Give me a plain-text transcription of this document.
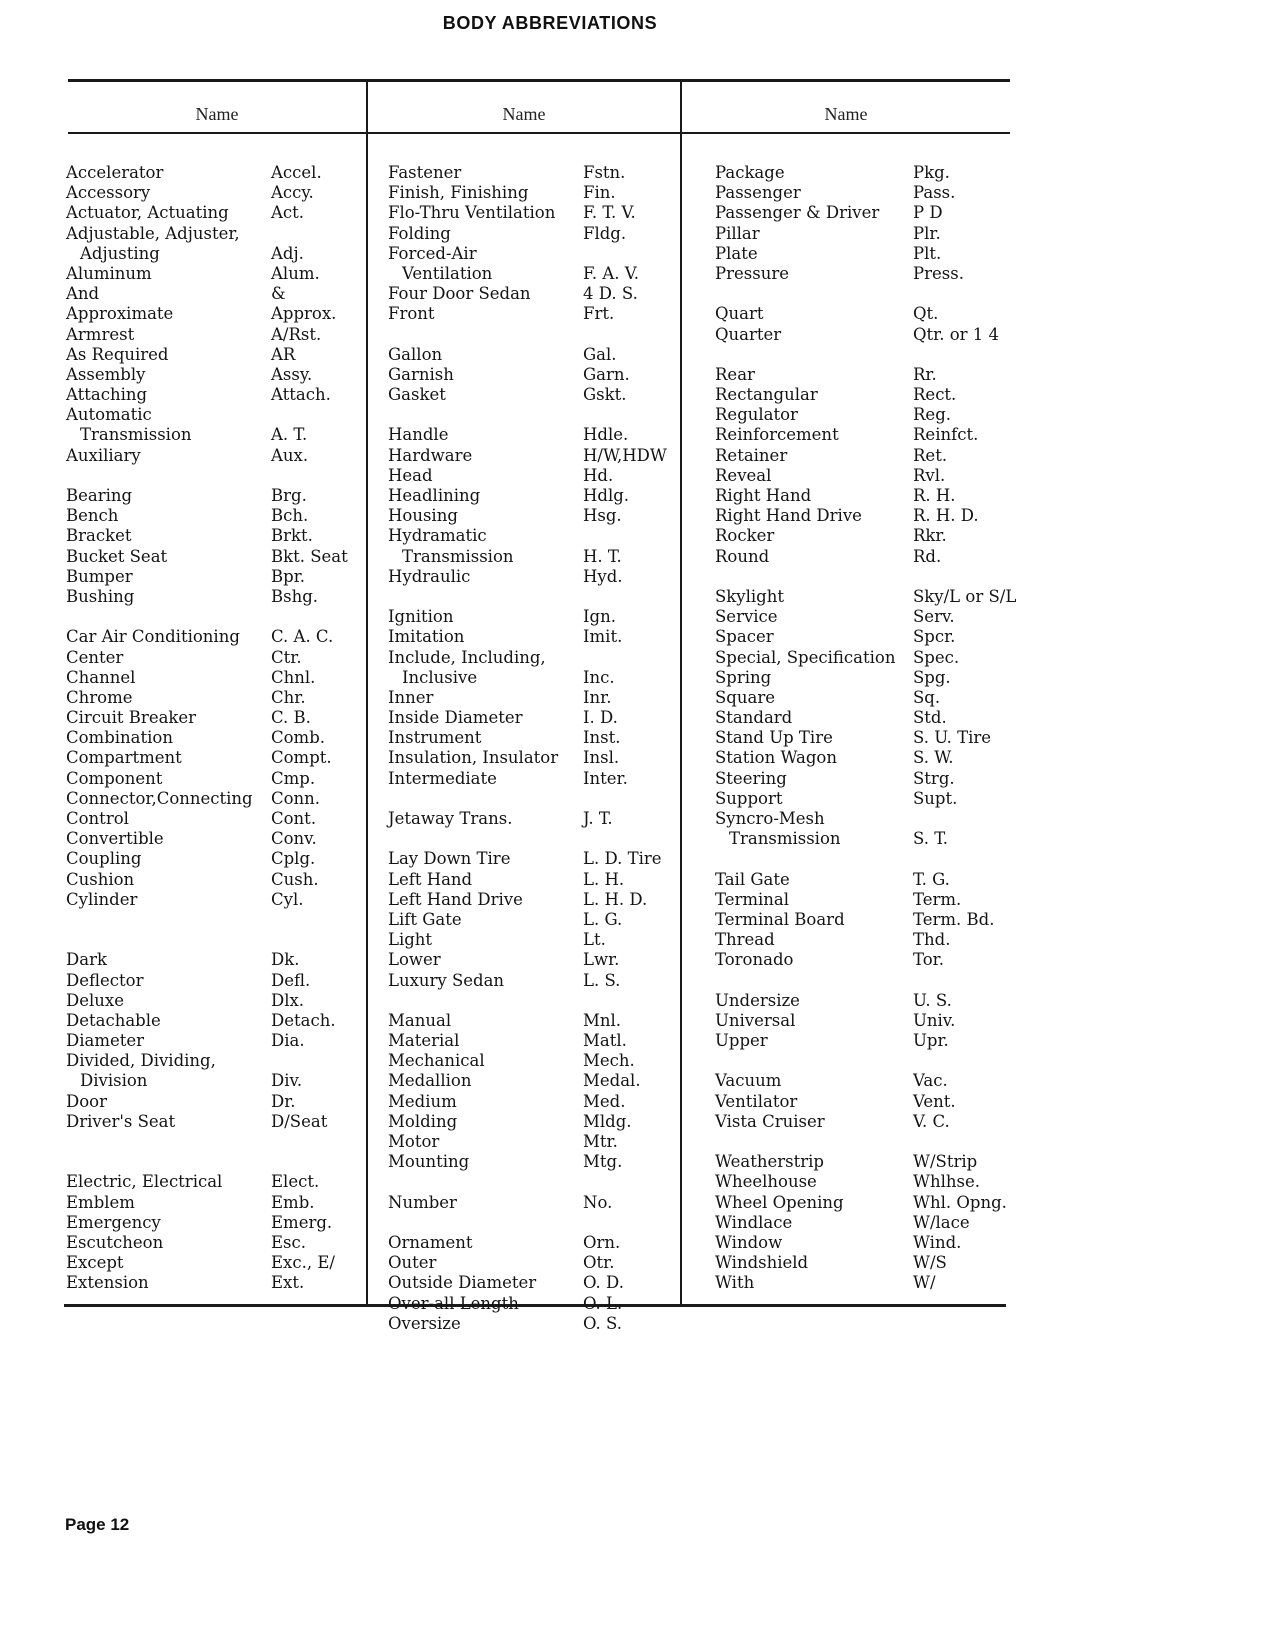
BODY ABBREVIATIONS
Name	Name	Name
Accelerator	Accel.
Accessory	Accy.
Actuator, Actuating	Act.
Adjustable, Adjuster,
Adjusting	Adj.
Aluminum	Alum.
And	&
Approximate	Approx.
Armrest	A/Rst.
As Required	AR
Assembly	Assy.
Attaching	Attach.
Automatic
Transmission	A. T.
Auxiliary	Aux.
Bearing	Brg.
Bench	Bch.
Bracket	Brkt.
Bucket Seat	Bkt. Seat
Bumper	Bpr.
Bushing	Bshg.
Car Air Conditioning C. A. C.
Center	Ctr.
Channel	Chnl.
Chrome	Chr.
Circuit Breaker	C. B.
Combination	Comb.
Compartment	Compt.
Component	Cmp.
Connector,Connecting Conn.
Control	Cont.
Convertible	Conv.
Coupling	Cplg.
Cushion	Cush.
Cylinder	Cyl.
Dark	Dk.
Deflector	Defl.
Deluxe	Dlx.
Detachable	Detach.
Diameter	Dia.
Divided, Dividing,
Division	Div.
Door	Dr.
Driver's Seat	D/Seat
Electric, Electrical	Elect.
Emblem	Emb.
Emergency	Emerg.
Escutcheon	Esc.
Except	Exc., E/
Extension	Ext.
Fastener	Fstn.
Finish, Finishing	Fin.
Flo-Thru Ventilation F. T. V.
Folding	Fldg.
Forced-Air
Ventilation	F. A. V.
Four Door Sedan	4 D. S.
Front	Frt.
Gallon	Gal.
Garnish	Garn.
Gasket	Gskt.
Handle	Hdle.
Hardware	H/W,HDW
Head	Hd.
Headlining	Hdlg.
Housing	Hsg.
Hydramatic
Transmission	H. T.
Hydraulic	Hyd.
Ignition	Ign.
Imitation	Imit.
Include, Including,
Inclusive	Inc.
Inner	Inr.
Inside Diameter	I. D.
Instrument	Inst.
Insulation, Insulator Insl.
Intermediate	Inter.
Jetaway Trans.	J. T.
Lay Down Tire	L. D. Tire
Left Hand	L. H.
Left Hand Drive	L. H. D.
Lift Gate	L. G.
Light	Lt.
Lower	Lwr.
Luxury Sedan	L. S.
Manual	Mnl.
Material	Matl.
Mechanical	Mech.
Medallion	Medal.
Medium	Med.
Molding	Mldg.
Motor	Mtr.
Mounting	Mtg.
Number	No.
Ornament	Orn.
Outer	Otr.
Outside Diameter	O. D.
Over-all Length	O. L.
Oversize	O. S.
Package	Pkg.
Passenger	Pass.
Passenger & Driver P D
Pillar	Plr.
Plate	Plt.
Pressure	Press.
Quart	Qt.
Quarter	Qtr. or 1 4
Rear	Rr.
Rectangular	Rect.
Regulator	Reg.
Reinforcement	Reinfct.
Retainer	Ret.
Reveal	Rvl.
Right Hand	R. H.
Right Hand Drive	R. H. D.
Rocker	Rkr.
Round	Rd.
Skylight	Sky/L or S/L
Service	Serv.
Spacer	Spcr.
Special, Specification Spec.
Spring	Spg.
Square	Sq.
Standard	Std.
Stand Up Tire	S. U. Tire
Station Wagon	S. W.
Steering	Strg.
Support	Supt.
Syncro-Mesh
Transmission	S. T.
Tail Gate	T. G.
Terminal	Term.
Terminal Board	Term. Bd.
Thread	Thd.
Toronado	Tor.
Undersize	U. S.
Universal	Univ.
Upper	Upr.
Vacuum	Vac.
Ventilator	Vent.
Vista Cruiser	V. C.
Weatherstrip	W/Strip
Wheelhouse	Whlhse.
Wheel Opening	Whl. Opng.
Windlace	W/lace
Window	Wind.
Windshield	W/S
With	W/
Page 12
